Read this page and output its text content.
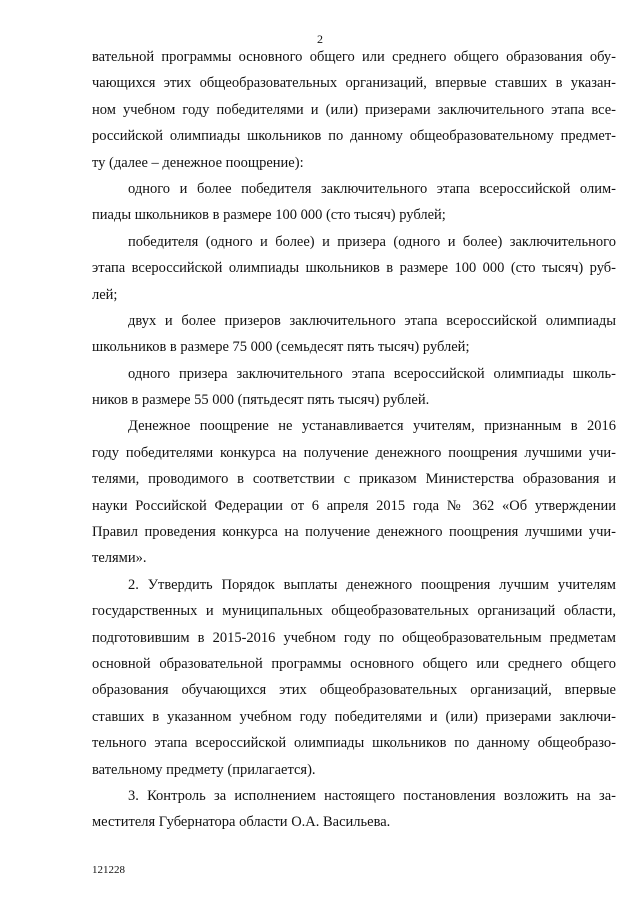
2
вательной программы основного общего или среднего общего образования обу-
чающихся этих общеобразовательных организаций, впервые ставших в указан-
ном учебном году победителями и (или) призерами заключительного этапа все-
российской олимпиады школьников по данному общеобразовательному предмет-
ту (далее – денежное поощрение):
одного и более победителя заключительного этапа всероссийской олим-
пиады школьников в размере 100 000 (сто тысяч) рублей;
победителя (одного и более) и призера (одного и более) заключительного
этапа всероссийской олимпиады школьников в размере 100 000 (сто тысяч) руб-
лей;
двух и более призеров заключительного этапа всероссийской олимпиады
школьников в размере 75 000 (семьдесят пять тысяч) рублей;
одного призера заключительного этапа всероссийской олимпиады школь-
ников в размере 55 000 (пятьдесят пять тысяч) рублей.
Денежное поощрение не устанавливается учителям, признанным в 2016
году победителями конкурса на получение денежного поощрения лучшими учи-
телями, проводимого в соответствии с приказом Министерства образования и
науки Российской Федерации от 6 апреля 2015 года № 362 «Об утверждении
Правил проведения конкурса на получение денежного поощрения лучшими учи-
телями».
2. Утвердить Порядок выплаты денежного поощрения лучшим учителям
государственных и муниципальных общеобразовательных организаций области,
подготовившим в 2015-2016 учебном году по общеобразовательным предметам
основной образовательной программы основного общего или среднего общего
образования обучающихся этих общеобразовательных организаций, впервые
ставших в указанном учебном году победителями и (или) призерами заключи-
тельного этапа всероссийской олимпиады школьников по данному общеобразо-
вательному предмету (прилагается).
3. Контроль за исполнением настоящего постановления возложить на за-
местителя Губернатора области О.А. Васильева.
121228
